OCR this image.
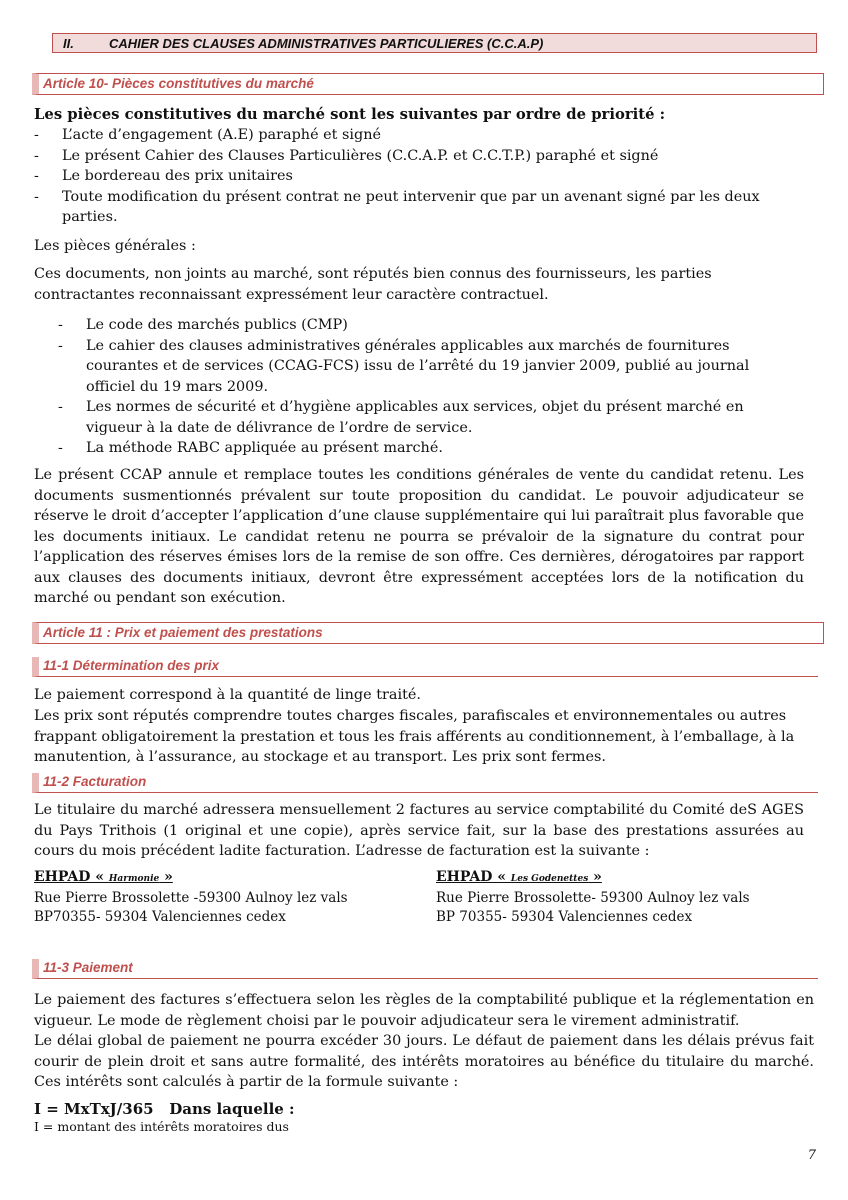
II.	CAHIER DES CLAUSES ADMINISTRATIVES PARTICULIERES (C.C.A.P)
Article 10- Pièces constitutives du marché
Les pièces constitutives du marché sont les suivantes par ordre de priorité :
- L’acte d’engagement (A.E) paraphé et signé
- Le présent Cahier des Clauses Particulières (C.C.A.P. et C.C.T.P.) paraphé et signé
- Le bordereau des prix unitaires
- Toute modification du présent contrat ne peut intervenir que par un avenant signé par les deux parties.
Les pièces générales :
Ces documents, non joints au marché, sont réputés bien connus des fournisseurs, les parties contractantes reconnaissant expressément leur caractère contractuel.
- Le code des marchés publics (CMP)
- Le cahier des clauses administratives générales applicables aux marchés de fournitures courantes et de services (CCAG-FCS) issu de l’arrêté du 19 janvier 2009, publié au journal officiel du 19 mars 2009.
- Les normes de sécurité et d’hygiène applicables aux services, objet du présent marché en vigueur à la date de délivrance de l’ordre de service.
- La méthode RABC appliquée au présent marché.
Le présent CCAP annule et remplace toutes les conditions générales de vente du candidat retenu. Les documents susmentionnés prévalent sur toute proposition du candidat. Le pouvoir adjudicateur se réserve le droit d’accepter l’application d’une clause supplémentaire qui lui paraîtrait plus favorable que les documents initiaux. Le candidat retenu ne pourra se prévaloir de la signature du contrat pour l’application des réserves émises lors de la remise de son offre. Ces dernières, dérogatoires par rapport aux clauses des documents initiaux, devront être expressément acceptées lors de la notification du marché ou pendant son exécution.
Article 11 : Prix et paiement des prestations
11-1 Détermination des prix
Le paiement correspond à la quantité de linge traité.
Les prix sont réputés comprendre toutes charges fiscales, parafiscales et environnementales ou autres frappant obligatoirement la prestation et tous les frais afférents au conditionnement, à l’emballage, à la manutention, à l’assurance, au stockage et au transport. Les prix sont fermes.
11-2 Facturation
Le titulaire du marché adressera mensuellement 2 factures au service comptabilité du Comité deS AGES du Pays Trithois (1 original et une copie), après service fait, sur la base des prestations assurées au cours du mois précédent ladite facturation. L’adresse de facturation est la suivante :
EHPAD « Harmonie »
Rue Pierre Brossolette -59300 Aulnoy lez vals
BP70355- 59304 Valenciennes cedex
EHPAD « Les Godenettes »
Rue Pierre Brossolette- 59300 Aulnoy lez vals
BP 70355- 59304 Valenciennes cedex
11-3 Paiement
Le paiement des factures s’effectuera selon les règles de la comptabilité publique et la réglementation en vigueur. Le mode de règlement choisi par le pouvoir adjudicateur sera le virement administratif.
Le délai global de paiement ne pourra excéder 30 jours. Le défaut de paiement dans les délais prévus fait courir de plein droit et sans autre formalité, des intérêts moratoires au bénéfice du titulaire du marché. Ces intérêts sont calculés à partir de la formule suivante :
I = MxTxJ/365   Dans laquelle :
I = montant des intérêts moratoires dus
7
